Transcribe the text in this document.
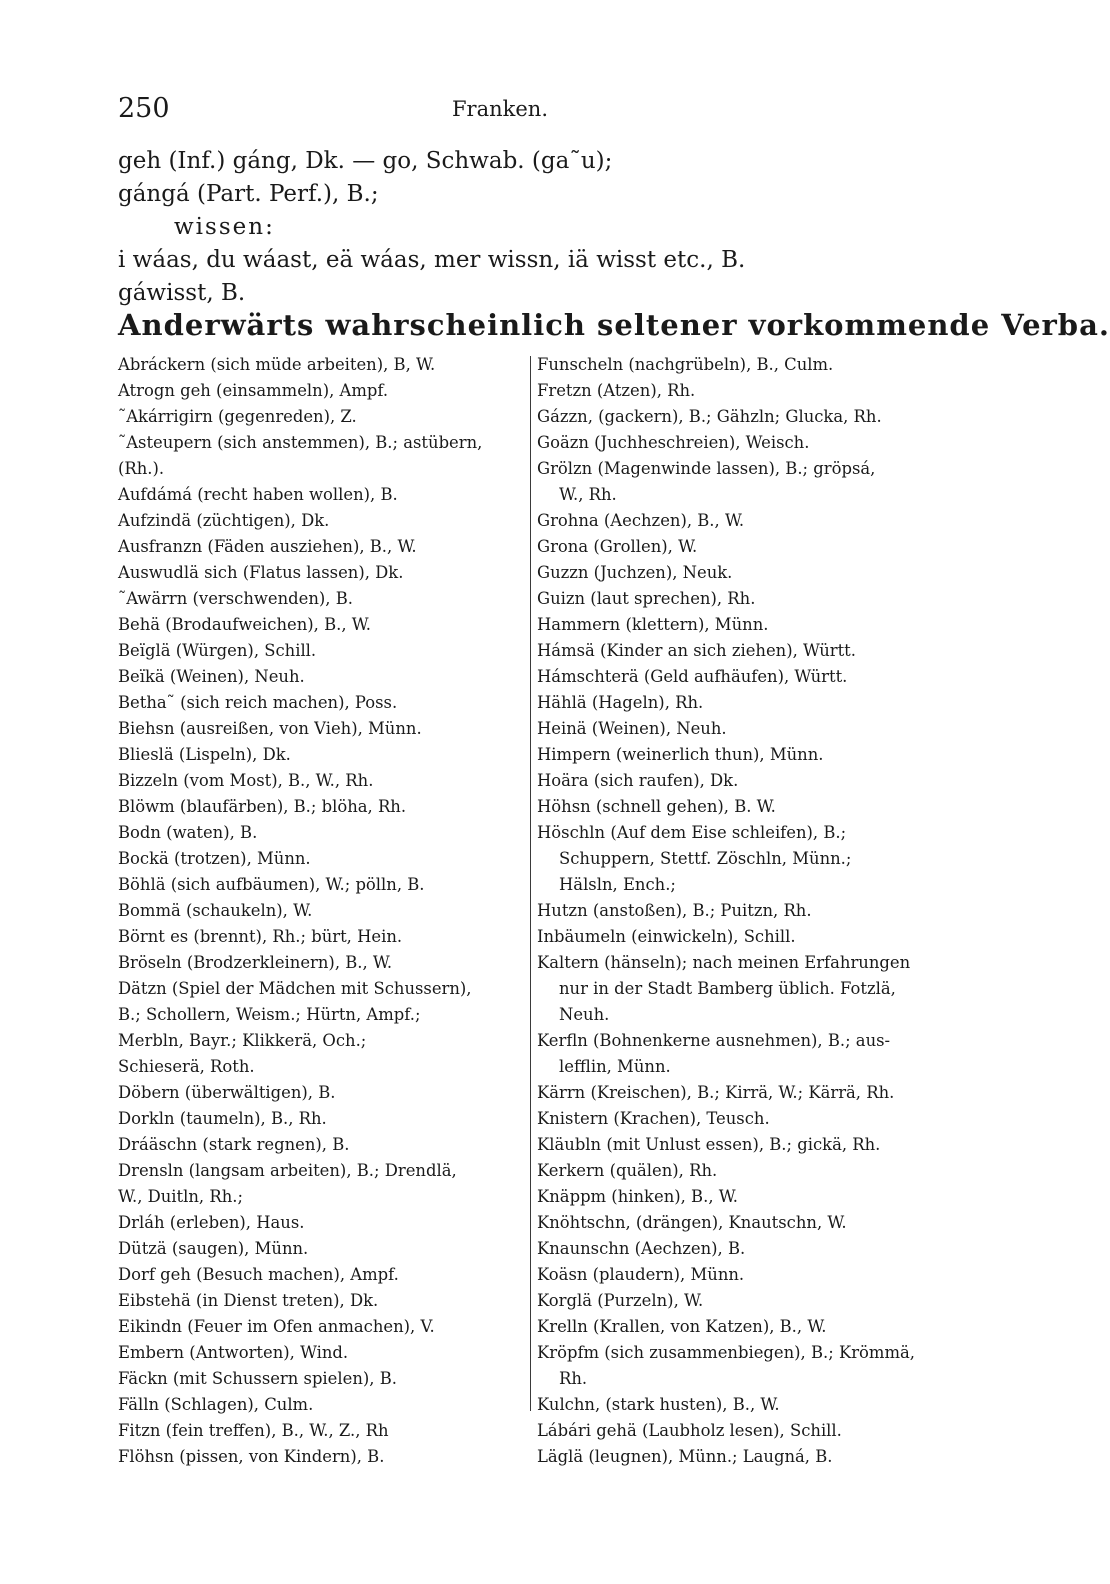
250	Franken.
geh (Inf.) gáng, Dk. — go, Schwab. (ga˜u);
gángá (Part. Perf.), B.;
wissen:
i wáas, du wáast, eä wáas, mer wissn, iä wisst etc., B.
gáwisst, B.
Anderwärts wahrscheinlich seltener vorkommende Verba.
Abráckern (sich müde arbeiten), B, W.
Atrogn geh (einsammeln), Ampf.
˜Akárrigirn (gegenreden), Z.
˜Asteupern (sich anstemmen), B.; astübern,
(Rh.).
Aufdámá (recht haben wollen), B.
Aufzindä (züchtigen), Dk.
Ausfranzn (Fäden ausziehen), B., W.
Auswudlä sich (Flatus lassen), Dk.
˜Awärrn (verschwenden), B.
Behä (Brodaufweichen), B., W.
Beïglä (Würgen), Schill.
Beïkä (Weinen), Neuh.
Betha˜ (sich reich machen), Poss.
Biehsn (ausreißen, von Vieh), Münn.
Blieslä (Lispeln), Dk.
Bizzeln (vom Most), B., W., Rh.
Blöwm (blaufärben), B.; blöha, Rh.
Bodn (waten), B.
Bockä (trotzen), Münn.
Böhlä (sich aufbäumen), W.; pölln, B.
Bommä (schaukeln), W.
Börnt es (brennt), Rh.; bürt, Hein.
Bröseln (Brodzerkleinern), B., W.
Dätzn (Spiel der Mädchen mit Schussern),
B.; Schollern, Weism.; Hürtn, Ampf.;
Merbln, Bayr.; Klikkerä, Och.;
Schieserä, Roth.
Döbern (überwältigen), B.
Dorkln (taumeln), B., Rh.
Dráäschn (stark regnen), B.
Drensln (langsam arbeiten), B.; Drendlä,
W., Duitln, Rh.;
Drláh (erleben), Haus.
Dützä (saugen), Münn.
Dorf geh (Besuch machen), Ampf.
Eibstehä (in Dienst treten), Dk.
Eikindn (Feuer im Ofen anmachen), V.
Embern (Antworten), Wind.
Fäckn (mit Schussern spielen), B.
Fälln (Schlagen), Culm.
Fitzn (fein treffen), B., W., Z., Rh
Flöhsn (pissen, von Kindern), B.
Funscheln (nachgrübeln), B., Culm.
Fretzn (Atzen), Rh.
Gázzn, (gackern), B.; Gähzln; Glucka, Rh.
Goäzn (Juchheschreien), Weisch.
Grölzn (Magenwinde lassen), B.; gröpsá,
W., Rh.
Grohna (Aechzen), B., W.
Grona (Grollen), W.
Guzzn (Juchzen), Neuk.
Guizn (laut sprechen), Rh.
Hammern (klettern), Münn.
Hámsä (Kinder an sich ziehen), Württ.
Hámschterä (Geld aufhäufen), Württ.
Hählä (Hageln), Rh.
Heinä (Weinen), Neuh.
Himpern (weinerlich thun), Münn.
Hoära (sich raufen), Dk.
Höhsn (schnell gehen), B. W.
Höschln (Auf dem Eise schleifen), B.;
Schuppern, Stettf. Zöschln, Münn.;
Hälsln, Ench.;
Hutzn (anstoßen), B.; Puitzn, Rh.
Inbäumeln (einwickeln), Schill.
Kaltern (hänseln); nach meinen Erfahrungen
nur in der Stadt Bamberg üblich. Fotzlä,
Neuh.
Kerfln (Bohnenkerne ausnehmen), B.; aus-
lefflin, Münn.
Kärrn (Kreischen), B.; Kirrä, W.; Kärrä, Rh.
Knistern (Krachen), Teusch.
Kläubln (mit Unlust essen), B.; gickä, Rh.
Kerkern (quälen), Rh.
Knäppm (hinken), B., W.
Knöhtschn, (drängen), Knautschn, W.
Knaunschn (Aechzen), B.
Koäsn (plaudern), Münn.
Korglä (Purzeln), W.
Krelln (Krallen, von Katzen), B., W.
Kröpfm (sich zusammenbiegen), B.; Krömmä,
Rh.
Kulchn, (stark husten), B., W.
Lábári gehä (Laubholz lesen), Schill.
Läglä (leugnen), Münn.; Laugná, B.
